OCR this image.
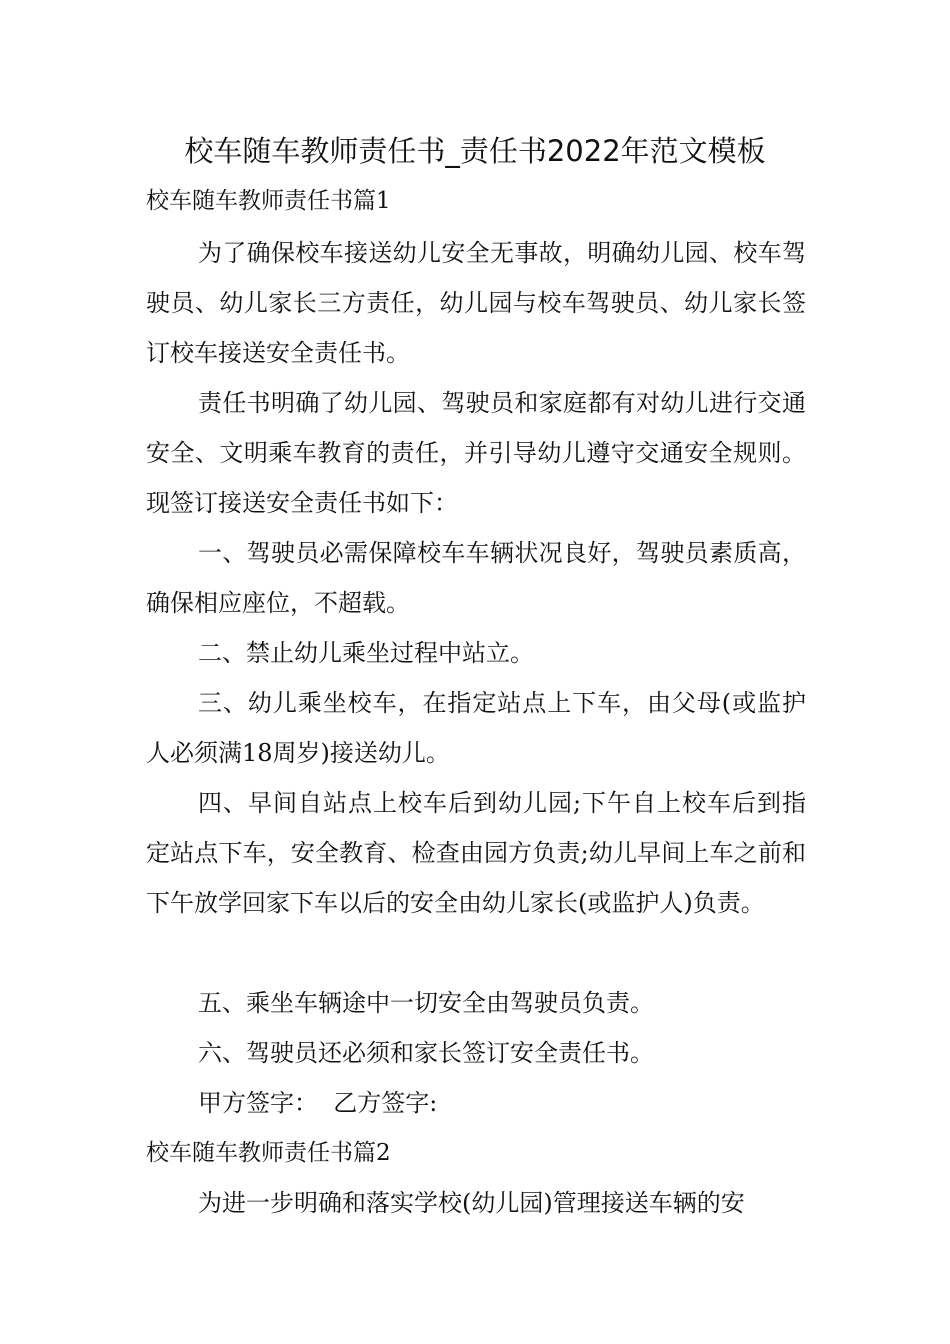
校车随车教师责任书_责任书2022年范文模板

校车随车教师责任书篇1

为了确保校车接送幼儿安全无事故，明确幼儿园、校车驾驶员、幼儿家长三方责任，幼儿园与校车驾驶员、幼儿家长签订校车接送安全责任书。

责任书明确了幼儿园、驾驶员和家庭都有对幼儿进行交通安全、文明乘车教育的责任，并引导幼儿遵守交通安全规则。现签订接送安全责任书如下：

一、驾驶员必需保障校车车辆状况良好，驾驶员素质高，确保相应座位，不超载。

二、禁止幼儿乘坐过程中站立。

三、幼儿乘坐校车，在指定站点上下车，由父母(或监护人必须满18周岁)接送幼儿。

四、早间自站点上校车后到幼儿园;下午自上校车后到指定站点下车，安全教育、检查由园方负责;幼儿早间上车之前和下午放学回家下车以后的安全由幼儿家长(或监护人)负责。

五、乘坐车辆途中一切安全由驾驶员负责。

六、驾驶员还必须和家长签订安全责任书。

甲方签字：  乙方签字:

校车随车教师责任书篇2

为进一步明确和落实学校(幼儿园)管理接送车辆的安
